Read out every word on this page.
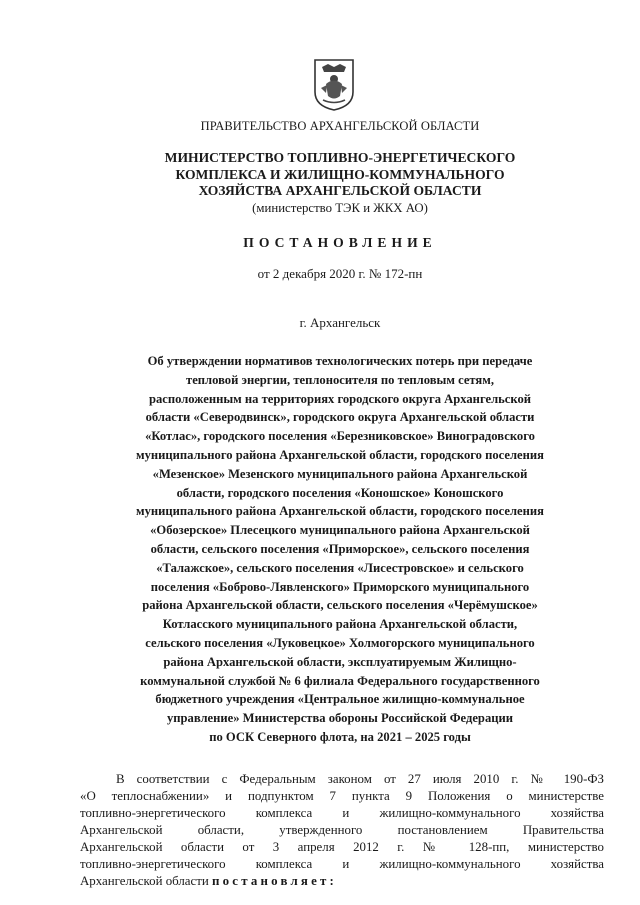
ПРАВИТЕЛЬСТВО АРХАНГЕЛЬСКОЙ ОБЛАСТИ
МИНИСТЕРСТВО ТОПЛИВНО-ЭНЕРГЕТИЧЕСКОГО
КОМПЛЕКСА И ЖИЛИЩНО-КОММУНАЛЬНОГО
ХОЗЯЙСТВА АРХАНГЕЛЬСКОЙ ОБЛАСТИ
(министерство ТЭК и ЖКХ АО)
ПОСТАНОВЛЕНИЕ
от 2 декабря 2020 г. № 172-пн
г. Архангельск
Об утверждении нормативов технологических потерь при передаче
тепловой энергии, теплоносителя по тепловым сетям,
расположенным на территориях городского округа Архангельской
области «Северодвинск», городского округа Архангельской области
«Котлас», городского поселения «Березниковское» Виноградовского
муниципального района Архангельской области, городского поселения
«Мезенское» Мезенского муниципального района Архангельской
области, городского поселения «Коношское» Коношского
муниципального района Архангельской области, городского поселения
«Обозерское» Плесецкого муниципального района Архангельской
области, сельского поселения «Приморское», сельского поселения
«Талажское», сельского поселения «Лисестровское» и сельского
поселения «Боброво-Лявленского» Приморского муниципального
района Архангельской области, сельского поселения «Черёмушское»
Котласского муниципального района Архангельской области,
сельского поселения «Луковецкое» Холмогорского муниципального
района Архангельской области, эксплуатируемым Жилищно-
коммунальной службой № 6 филиала Федерального государственного
бюджетного учреждения «Центральное жилищно-коммунальное
управление» Министерства обороны Российской Федерации
по ОСК Северного флота, на 2021 – 2025 годы
В соответствии с Федеральным законом от 27 июля 2010 г. № 190-ФЗ
«О теплоснабжении» и подпунктом 7 пункта 9 Положения о министерстве
топливно-энергетического комплекса и жилищно-коммунального хозяйства
Архангельской области, утвержденного постановлением Правительства
Архангельской области от 3 апреля 2012 г. № 128-пп, министерство
топливно-энергетического комплекса и жилищно-коммунального хозяйства
Архангельской области постановляет:
